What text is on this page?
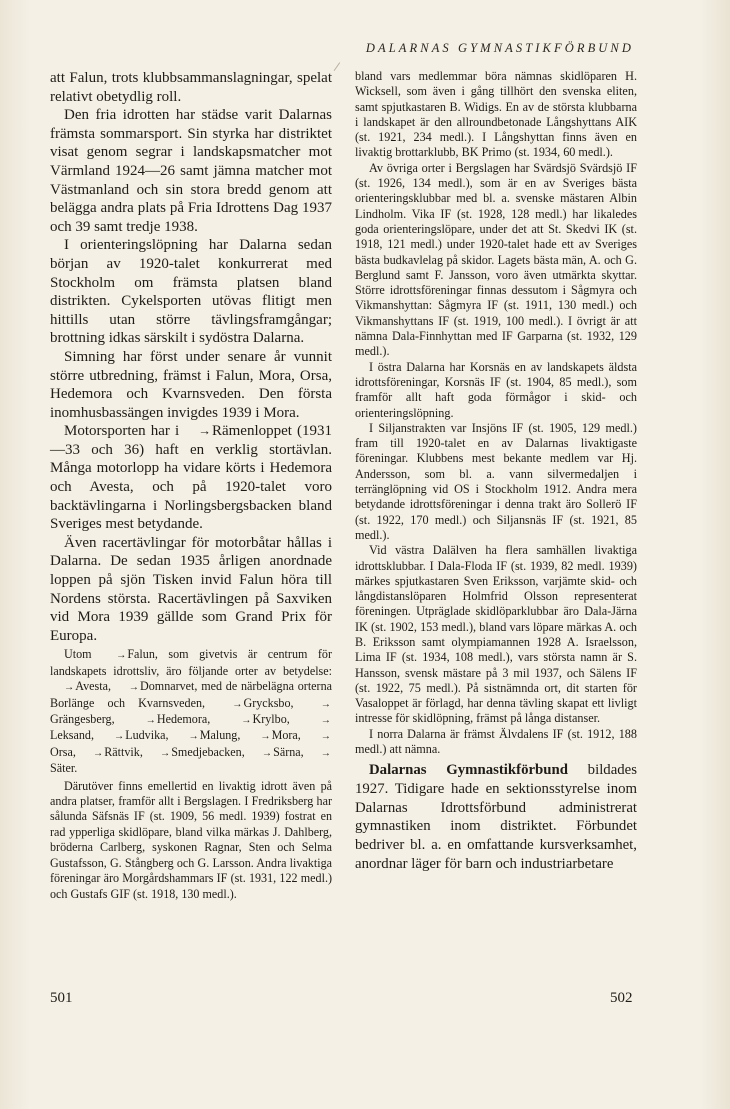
DALARNAS GYMNASTIKFÖRBUND

att Falun, trots klubbsammanslagningar, spelat relativt obetydlig roll.

Den fria idrotten har städse varit Dalarnas främsta sommarsport. Sin styrka har distriktet visat genom segrar i landskapsmatcher mot Värmland 1924—26 samt jämna matcher mot Västmanland och sin stora bredd genom att belägga andra plats på Fria Idrottens Dag 1937 och 39 samt tredje 1938.

I orienteringslöpning har Dalarna sedan början av 1920-talet konkurrerat med Stockholm om främsta platsen bland distrikten. Cykelsporten utövas flitigt men hittills utan större tävlingsframgångar; brottning idkas särskilt i sydöstra Dalarna.

Simning har först under senare år vunnit större utbredning, främst i Falun, Mora, Orsa, Hedemora och Kvarnsveden. Den första inomhusbassängen invigdes 1939 i Mora.

Motorsporten har i →Rämenloppet (1931—33 och 36) haft en verklig stortävlan. Många motorlopp ha vidare körts i Hedemora och Avesta, och på 1920-talet voro backtävlingarna i Norlingsbergsbacken bland Sveriges mest betydande.

Även racertävlingar för motorbåtar hållas i Dalarna. De sedan 1935 årligen anordnade loppen på sjön Tisken invid Falun höra till Nordens största. Racertävlingen på Saxviken vid Mora 1939 gällde som Grand Prix för Europa.

Utom →Falun, som givetvis är centrum för landskapets idrottsliv, äro följande orter av betydelse: →Avesta, →Domnarvet, med de närbelägna orterna Borlänge och Kvarnsveden, →Grycksbo, →Grängesberg, →Hedemora, →Krylbo, →Leksand, →Ludvika, →Malung, →Mora, →Orsa, →Rättvik, →Smedjebacken, →Särna, →Säter.

Därutöver finns emellertid en livaktig idrott även på andra platser, framför allt i Bergslagen. I Fredriksberg har sålunda Säfsnäs IF (st. 1909, 56 medl. 1939) fostrat en rad ypperliga skidlöpare, bland vilka märkas J. Dahlberg, bröderna Carlberg, syskonen Ragnar, Sten och Selma Gustafsson, G. Stångberg och G. Larsson. Andra livaktiga föreningar äro Morgårdshammars IF (st. 1931, 122 medl.) och Gustafs GIF (st. 1918, 130 medl.).

bland vars medlemmar böra nämnas skidlöparen H. Wicksell, som även i gång tillhört den svenska eliten, samt spjutkastaren B. Widigs. En av de största klubbarna i landskapet är den allroundbetonade Långshyttans AIK (st. 1921, 234 medl.). I Långshyttan finns även en livaktig brottarklubb, BK Primo (st. 1934, 60 medl.).

Av övriga orter i Bergslagen har Svärdsjö Svärdsjö IF (st. 1926, 134 medl.), som är en av Sveriges bästa orienteringsklubbar med bl. a. svenske mästaren Albin Lindholm. Vika IF (st. 1928, 128 medl.) har likaledes goda orienteringslöpare, under det att St. Skedvi IK (st. 1918, 121 medl.) under 1920-talet hade ett av Sveriges bästa budkavlelag på skidor. Lagets bästa män, A. och G. Berglund samt F. Jansson, voro även utmärkta skyttar. Större idrottsföreningar finnas dessutom i Sågmyra och Vikmanshyttan: Sågmyra IF (st. 1911, 130 medl.) och Vikmanshyttans IF (st. 1919, 100 medl.). I övrigt är att nämna Dala-Finnhyttan med IF Garparna (st. 1932, 129 medl.).

I östra Dalarna har Korsnäs en av landskapets äldsta idrottsföreningar, Korsnäs IF (st. 1904, 85 medl.), som framför allt haft goda förmågor i skid- och orienteringslöpning.

I Siljanstrakten var Insjöns IF (st. 1905, 129 medl.) fram till 1920-talet en av Dalarnas livaktigaste föreningar. Klubbens mest bekante medlem var Hj. Andersson, som bl. a. vann silvermedaljen i terränglöpning vid OS i Stockholm 1912. Andra mera betydande idrottsföreningar i denna trakt äro Sollerö IF (st. 1922, 170 medl.) och Siljansnäs IF (st. 1921, 85 medl.).

Vid västra Dalälven ha flera samhällen livaktiga idrottsklubbar. I Dala-Floda IF (st. 1939, 82 medl. 1939) märkes spjutkastaren Sven Eriksson, varjämte skid- och långdistanslöparen Holmfrid Olsson representerat föreningen. Utpräglade skidlöparklubbar äro Dala-Järna IK (st. 1902, 153 medl.), bland vars löpare märkas A. och B. Eriksson samt olympiamannen 1928 A. Israelsson, Lima IF (st. 1934, 108 medl.), vars största namn är S. Hansson, svensk mästare på 3 mil 1937, och Sälens IF (st. 1922, 75 medl.). På sistnämnda ort, dit starten för Vasaloppet är förlagd, har denna tävling skapat ett livligt intresse för skidlöpning, främst på långa distanser.

I norra Dalarna är främst Älvdalens IF (st. 1912, 188 medl.) att nämna.

Dalarnas Gymnastikförbund bildades 1927. Tidigare hade en sektionsstyrelse inom Dalarnas Idrottsförbund administrerat gymnastiken inom distriktet. Förbundet bedriver bl. a. en omfattande kursverksamhet, anordnar läger för barn och industriarbetare

501	502
